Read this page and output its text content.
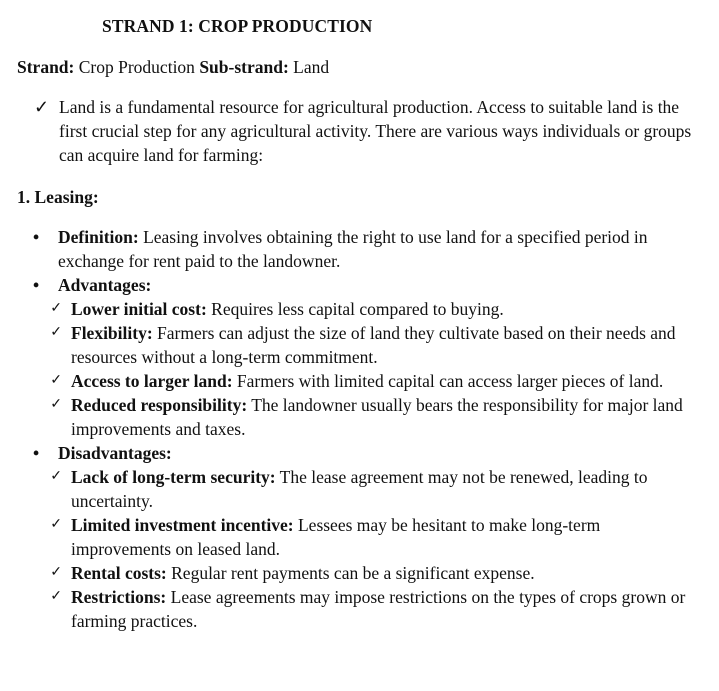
STRAND 1: CROP PRODUCTION
Strand: Crop Production Sub-strand: Land
✓ Land is a fundamental resource for agricultural production. Access to suitable land is the first crucial step for any agricultural activity. There are various ways individuals or groups can acquire land for farming:
1. Leasing:
•	Definition: Leasing involves obtaining the right to use land for a specified period in exchange for rent paid to the landowner.
•	Advantages:
✓ Lower initial cost: Requires less capital compared to buying.
✓ Flexibility: Farmers can adjust the size of land they cultivate based on their needs and resources without a long-term commitment.
✓ Access to larger land: Farmers with limited capital can access larger pieces of land.
✓ Reduced responsibility: The landowner usually bears the responsibility for major land improvements and taxes.
•	Disadvantages:
✓ Lack of long-term security: The lease agreement may not be renewed, leading to uncertainty.
✓ Limited investment incentive: Lessees may be hesitant to make long-term improvements on leased land.
✓ Rental costs: Regular rent payments can be a significant expense.
✓ Restrictions: Lease agreements may impose restrictions on the types of crops grown or farming practices.
